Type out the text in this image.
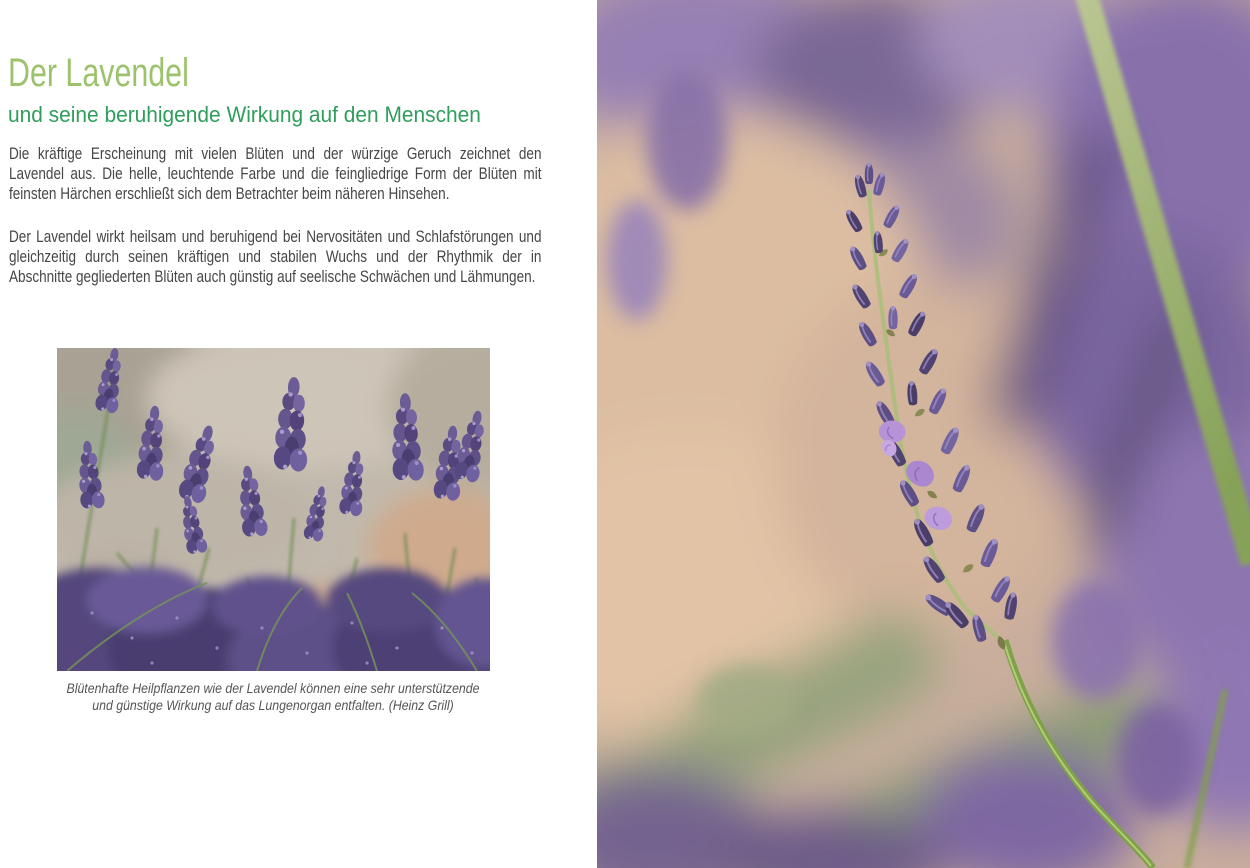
Der Lavendel
und seine beruhigende Wirkung auf den Menschen

Die kräftige Erscheinung mit vielen Blüten und der würzige Geruch zeichnet den Lavendel aus. Die helle, leuchtende Farbe und die feingliedrige Form der Blüten mit feinsten Härchen erschließt sich dem Betrachter beim näheren Hinsehen.

Der Lavendel wirkt heilsam und beruhigend bei Nervositäten und Schlafstörungen und gleichzeitig durch seinen kräftigen und stabilen Wuchs und der Rhythmik der in Abschnitte gegliederten Blüten auch günstig auf seelische Schwächen und Lähmungen.

Blütenhafte Heilpflanzen wie der Lavendel können eine sehr unterstützende und günstige Wirkung auf das Lungenorgan entfalten. (Heinz Grill)
